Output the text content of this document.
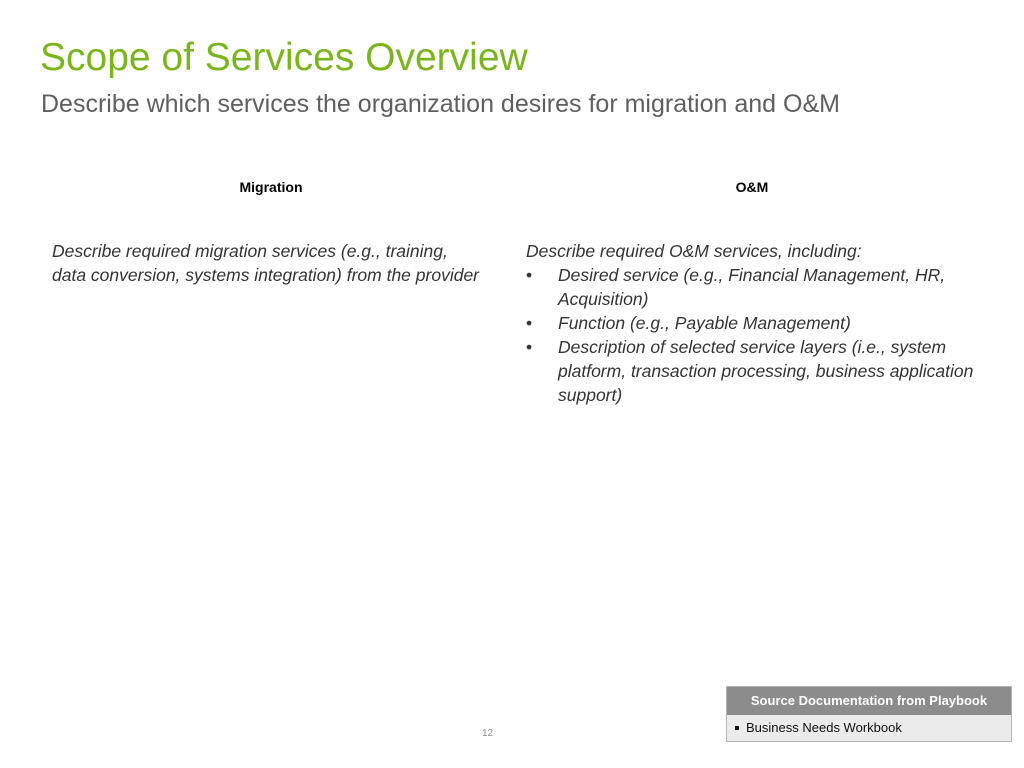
Scope of Services Overview
Describe which services the organization desires for migration and O&M
Migration	O&M

Describe required migration services (e.g., training, data conversion, systems integration) from the provider

Describe required O&M services, including:

• Desired service (e.g., Financial Management, HR, Acquisition)
• Function (e.g., Payable Management)
• Description of selected service layers (i.e., system platform, transaction processing, business application support)
Source Documentation from Playbook
Business Needs Workbook
12
